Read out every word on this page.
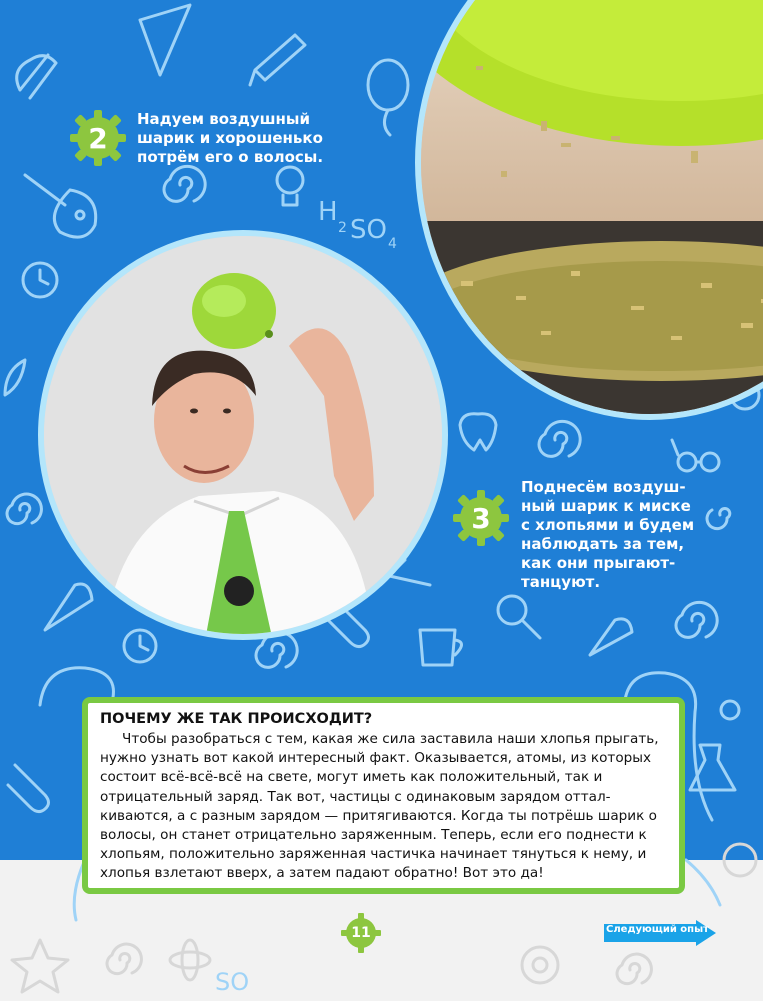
H
2 SO 4
SO
2
Надуем воздушный
шарик и хорошенько
потрём его о волосы.
3
Поднесём воздуш-
ный шарик к миске
с хлопьями и будем
наблюдать за тем,
как они прыгают-
танцуют.

ПОЧЕМУ ЖЕ ТАК ПРОИСХОДИТ?

Чтобы разобраться с тем, какая же сила заставила наши хлопья прыгать, нужно узнать вот какой интересный факт. Оказывается, атомы, из которых состоит всё-всё-всё на свете, могут иметь как положительный, так и отрицательный заряд. Так вот, частицы с одинаковым зарядом отталкиваются, а с разным зарядом — притягиваются. Когда ты потрёшь шарик о волосы, он станет отрицательно заряженным. Теперь, если его поднести к хлопьям, положительно заряженная частичка начинает тянуться к нему, и хлопья взлетают вверх, а затем падают обратно! Вот это да!

11	Следующий опыт
